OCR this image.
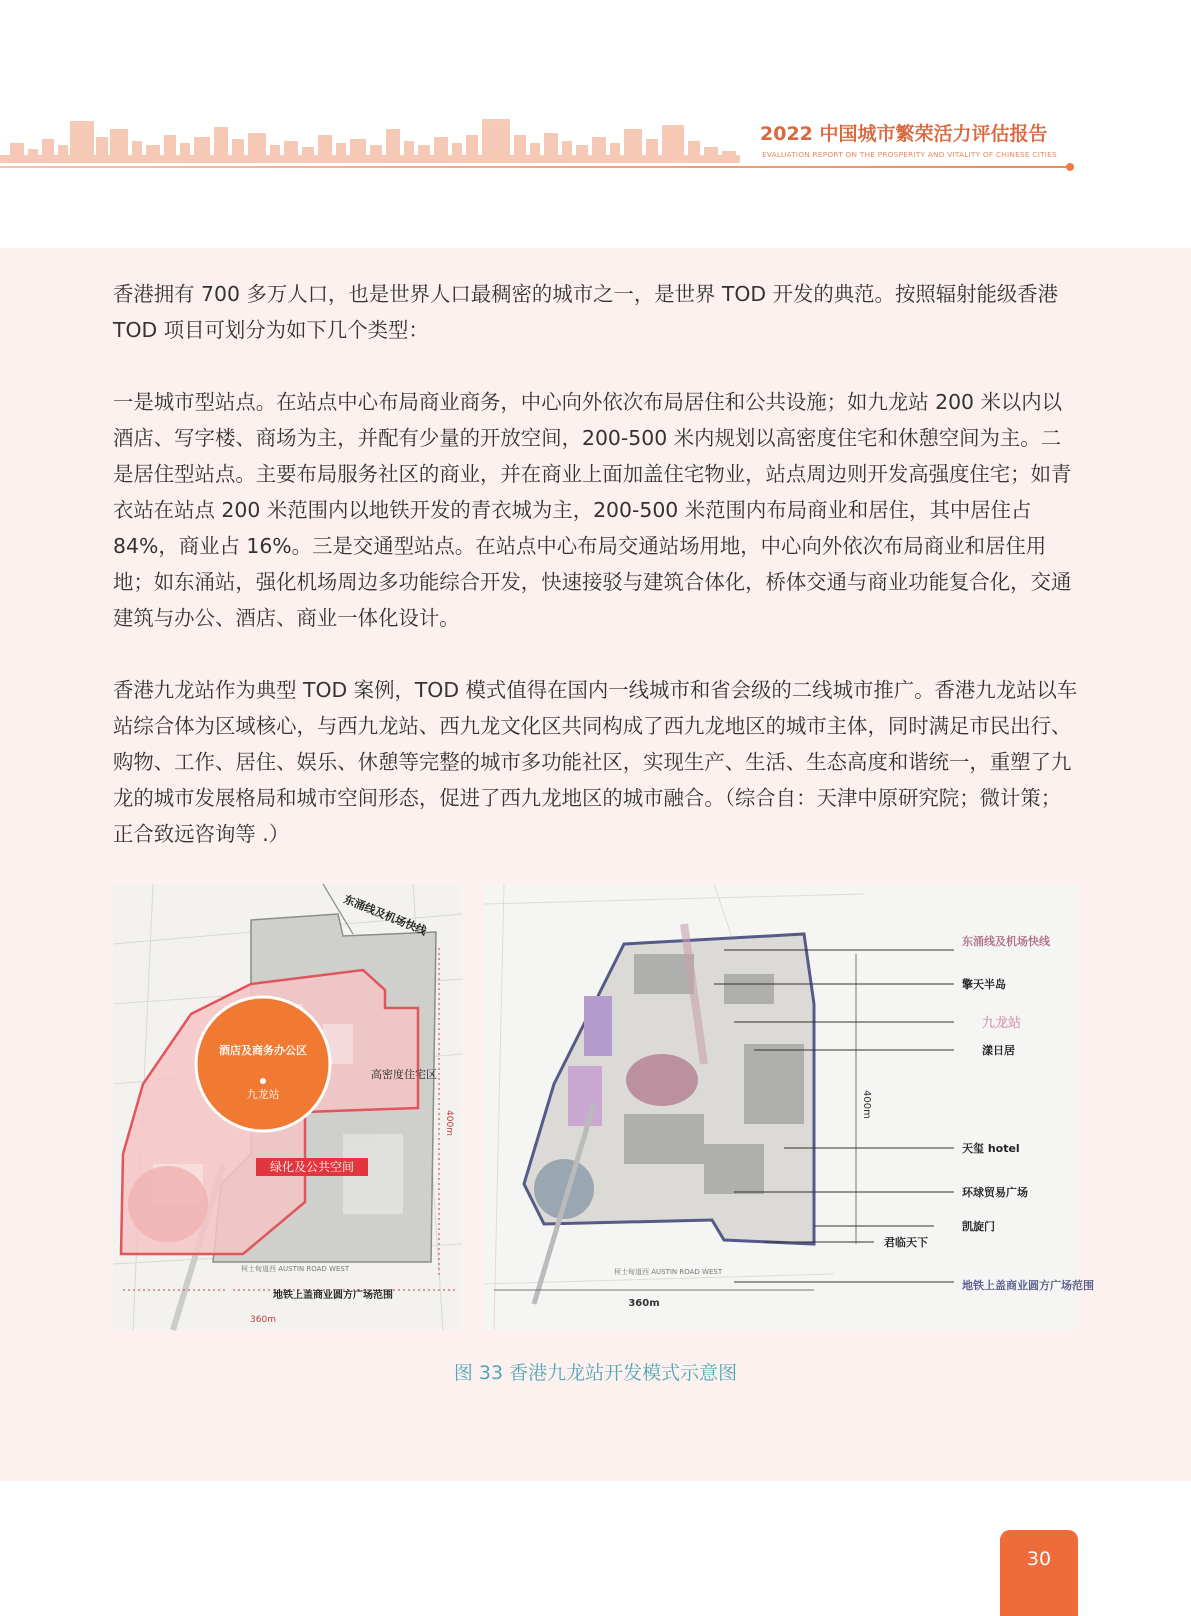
2022 中国城市繁荣活力评估报告
EVALUATION REPORT ON THE PROSPERITY AND VITALITY OF CHINESE CITIES

香港拥有 700 多万人口，也是世界人口最稠密的城市之一，是世界 TOD 开发的典范。按照辐射能级香港 TOD 项目可划分为如下几个类型：

一是城市型站点。在站点中心布局商业商务，中心向外依次布局居住和公共设施；如九龙站 200 米以内以酒店、写字楼、商场为主，并配有少量的开放空间，200-500 米内规划以高密度住宅和休憩空间为主。二是居住型站点。主要布局服务社区的商业，并在商业上面加盖住宅物业，站点周边则开发高强度住宅；如青衣站在站点 200 米范围内以地铁开发的青衣城为主，200-500 米范围内布局商业和居住，其中居住占 84%，商业占 16%。三是交通型站点。在站点中心布局交通站场用地，中心向外依次布局商业和居住用地；如东涌站，强化机场周边多功能综合开发，快速接驳与建筑合体化，桥体交通与商业功能复合化，交通建筑与办公、酒店、商业一体化设计。

香港九龙站作为典型 TOD 案例，TOD 模式值得在国内一线城市和省会级的二线城市推广。香港九龙站以车站综合体为区域核心，与西九龙站、西九龙文化区共同构成了西九龙地区的城市主体，同时满足市民出行、购物、工作、居住、娱乐、休憩等完整的城市多功能社区，实现生产、生活、生态高度和谐统一，重塑了九龙的城市发展格局和城市空间形态，促进了西九龙地区的城市融合。（综合自：天津中原研究院；微计策；正合致远咨询等 .）

东涌线及机场快线
酒店及商务办公区
九龙站
高密度住宅区
绿化及公共空间
柯士甸道西 AUSTIN ROAD WEST
地铁上盖商业圆方广场范围
360m
400m
东涌线及机场快线
擎天半岛
九龙站
漾日居
天玺 hotel
环球贸易广场
凯旋门
君临天下
地铁上盖商业圆方广场范围
柯士甸道西 AUSTIN ROAD WEST
360m
400m
图 33 香港九龙站开发模式示意图
30
